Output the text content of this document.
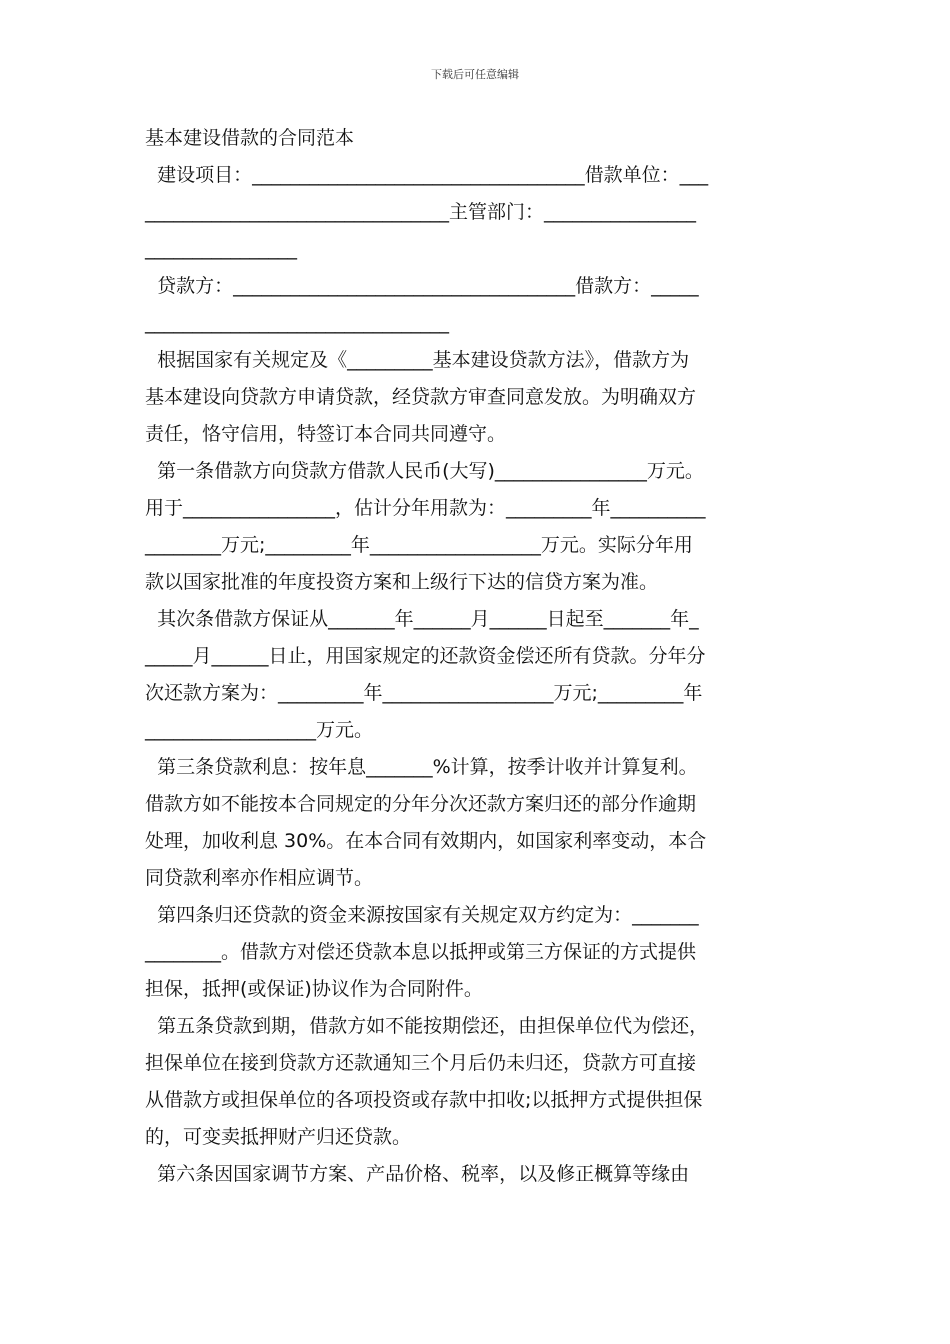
下载后可任意编辑
基本建设借款的合同范本
建设项目：___________________________________借款单位：___
________________________________主管部门：________________
________________
贷款方：____________________________________借款方：_____
________________________________
根据国家有关规定及《_________基本建设贷款方法》，借款方为
基本建设向贷款方申请贷款，经贷款方审查同意发放。为明确双方
责任，恪守信用，特签订本合同共同遵守。
第一条借款方向贷款方借款人民币(大写)________________万元。
用于________________，估计分年用款为：_________年__________
________万元;_________年__________________万元。实际分年用
款以国家批准的年度投资方案和上级行下达的信贷方案为准。
其次条借款方保证从_______年______月______日起至_______年_
_____月______日止，用国家规定的还款资金偿还所有贷款。分年分
次还款方案为：_________年__________________万元;_________年
__________________万元。
第三条贷款利息：按年息_______%计算，按季计收并计算复利。
借款方如不能按本合同规定的分年分次还款方案归还的部分作逾期
处理，加收利息 30%。在本合同有效期内，如国家利率变动，本合
同贷款利率亦作相应调节。
第四条归还贷款的资金来源按国家有关规定双方约定为：_______
________。借款方对偿还贷款本息以抵押或第三方保证的方式提供
担保，抵押(或保证)协议作为合同附件。
第五条贷款到期，借款方如不能按期偿还，由担保单位代为偿还，
担保单位在接到贷款方还款通知三个月后仍未归还，贷款方可直接
从借款方或担保单位的各项投资或存款中扣收;以抵押方式提供担保
的，可变卖抵押财产归还贷款。
第六条因国家调节方案、产品价格、税率，以及修正概算等缘由
